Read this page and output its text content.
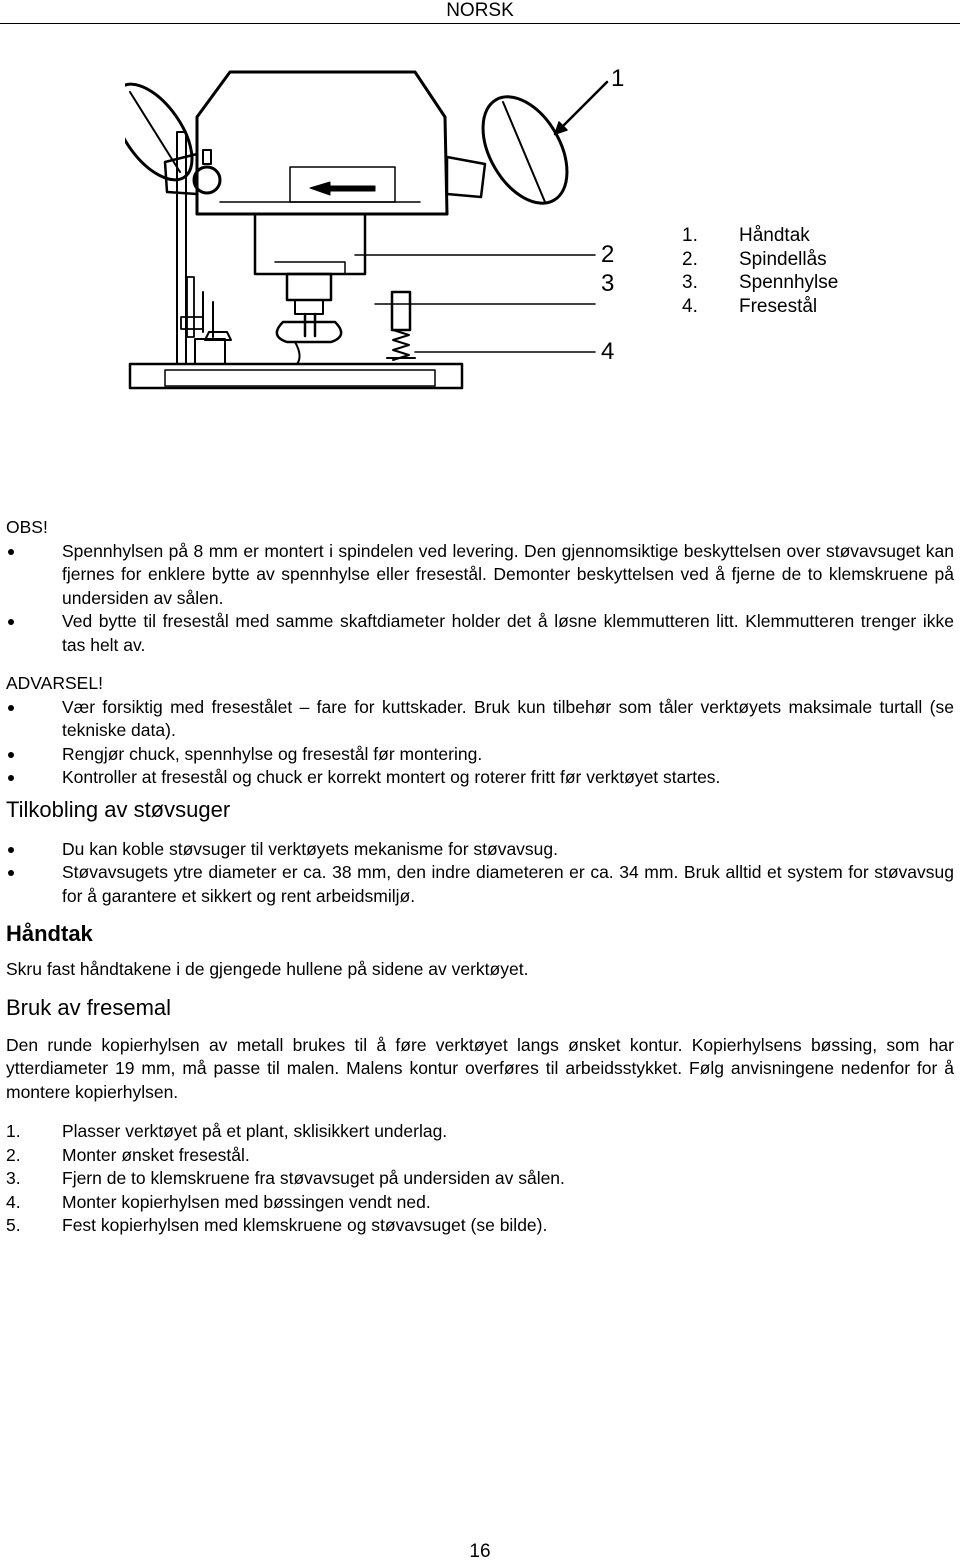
NORSK
1
2
3
4
1.	Håndtak
2.	Spindellås
3.	Spennhylse
4.	Fresestål

OBS!

Spennhylsen på 8 mm er montert i spindelen ved levering. Den gjennomsiktige beskyttelsen over støvavsuget kan fjernes for enklere bytte av spennhylse eller fresestål. Demonter beskyttelsen ved å fjerne de to klemskruene på undersiden av sålen.
Ved bytte til fresestål med samme skaftdiameter holder det å løsne klemmutteren litt. Klemmutteren trenger ikke tas helt av.

ADVARSEL!

Vær forsiktig med fresestålet – fare for kuttskader. Bruk kun tilbehør som tåler verktøyets maksimale turtall (se tekniske data).
Rengjør chuck, spennhylse og fresestål før montering.
Kontroller at fresestål og chuck er korrekt montert og roterer fritt før verktøyet startes.
Tilkobling av støvsuger
Du kan koble støvsuger til verktøyets mekanisme for støvavsug.
Støvavsugets ytre diameter er ca. 38 mm, den indre diameteren er ca. 34 mm. Bruk alltid et system for støvavsug for å garantere et sikkert og rent arbeidsmiljø.
Håndtak

Skru fast håndtakene i de gjengede hullene på sidene av verktøyet.

Bruk av fresemal

Den runde kopierhylsen av metall brukes til å føre verktøyet langs ønsket kontur. Kopierhylsens bøssing, som har ytterdiameter 19 mm, må passe til malen. Malens kontur overføres til arbeidsstykket. Følg anvisningene nedenfor for å montere kopierhylsen.

1.	Plasser verktøyet på et plant, sklisikkert underlag.
2.	Monter ønsket fresestål.
3.	Fjern de to klemskruene fra støvavsuget på undersiden av sålen.
4.	Monter kopierhylsen med bøssingen vendt ned.
5.	Fest kopierhylsen med klemskruene og støvavsuget (se bilde).
16
